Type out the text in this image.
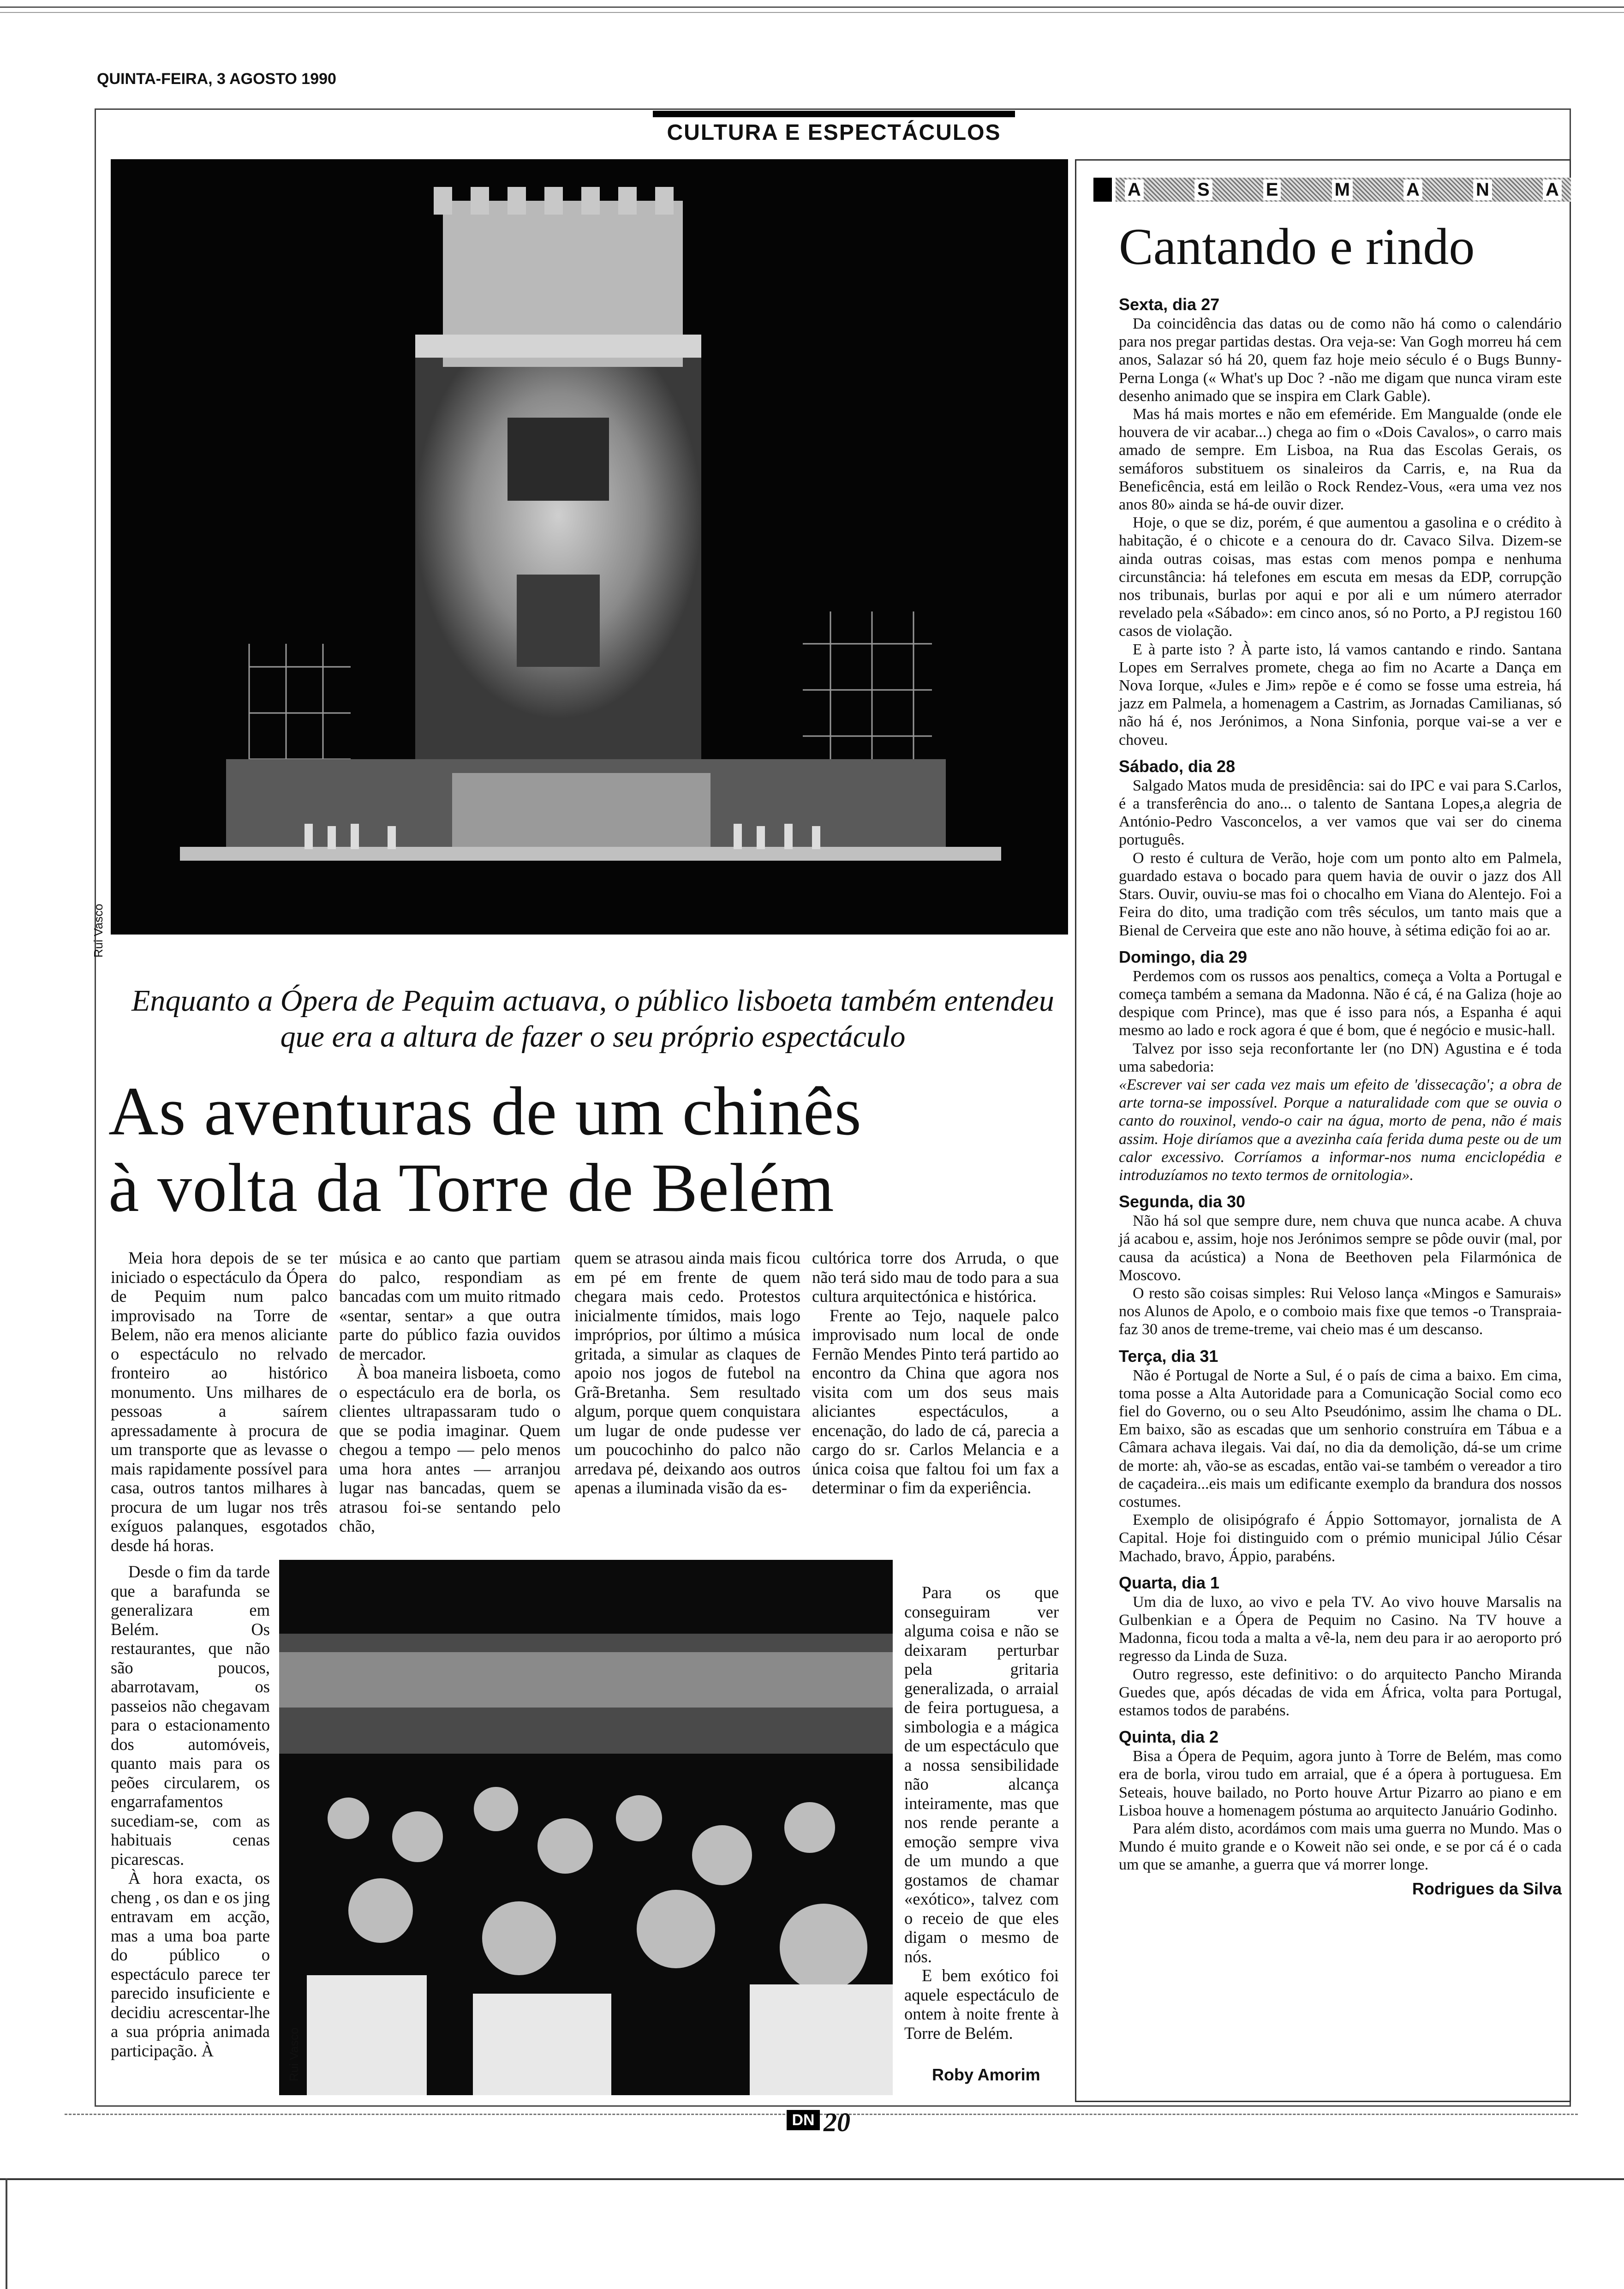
QUINTA-FEIRA, 3 AGOSTO 1990
CULTURA E ESPECTÁCULOS
Rui Vasco
Enquanto a Ópera de Pequim actuava, o público lisboeta também entendeu que era a altura de fazer o seu próprio espectáculo
As aventuras de um chinês
à volta da Torre de Belém

Meia hora depois de se ter iniciado o espectáculo da Ópera de Pequim num palco improvisado na Torre de Belem, não era menos aliciante o espectáculo no relvado fronteiro ao histórico monumento. Uns milhares de pessoas a saírem apressadamente à procura de um transporte que as levasse o mais rapidamente possível para casa, outros tantos milhares à procura de um lugar nos três exíguos palanques, esgotados desde há horas.

Desde o fim da tarde que a barafunda se generalizara em Belém. Os restaurantes, que não são poucos, abarrotavam, os passeios não chegavam para o estacionamento dos automóveis, quanto mais para os peões circularem, os engarrafamentos sucediam-se, com as habituais cenas picarescas.

À hora exacta, os cheng , os dan e os jing entravam em acção, mas a uma boa parte do público o espectáculo parece ter parecido insuficiente e decidiu acrescentar-lhe a sua própria animada participação. À

música e ao canto que partiam do palco, respondiam as bancadas com um muito ritmado «sentar, sentar» a que outra parte do público fazia ouvidos de mercador.

À boa maneira lisboeta, como o espectáculo era de borla, os clientes ultrapassaram tudo o que se podia imaginar. Quem chegou a tempo — pelo menos uma hora antes — arranjou lugar nas bancadas, quem se atrasou foi-se sentando pelo chão,

quem se atrasou ainda mais ficou em pé em frente de quem chegara mais cedo. Protestos inicialmente tímidos, mais logo impróprios, por último a música gritada, a simular as claques de apoio nos jogos de futebol na Grã-Bretanha. Sem resultado algum, porque quem conquistara um lugar de onde pudesse ver um poucochinho do palco não arredava pé, deixando aos outros apenas a iluminada visão da es-

cultórica torre dos Arruda, o que não terá sido mau de todo para a sua cultura arquitectónica e histórica.

Frente ao Tejo, naquele palco improvisado num local de onde Fernão Mendes Pinto terá partido ao encontro da China que agora nos visita com um dos seus mais aliciantes espectáculos, a encenação, do lado de cá, parecia a cargo do sr. Carlos Melancia e a única coisa que faltou foi um fax a determinar o fim da experiência.

Para os que conseguiram ver alguma coisa e não se deixaram perturbar pela gritaria generalizada, o arraial de feira portuguesa, a simbologia e a mágica de um espectáculo que a nossa sensibilidade não alcança inteiramente, mas que nos rende perante a emoção sempre viva de um mundo a que gostamos de chamar «exótico», talvez com o receio de que eles digam o mesmo de nós.

E bem exótico foi aquele espectáculo de ontem à noite frente à Torre de Belém.

Roby Amorim
Rui Vasco
A	S	E	M	A	N	A
Cantando e rindo
Sexta, dia 27

Da coincidência das datas ou de como não há como o calendário para nos pregar partidas destas. Ora veja-se: Van Gogh morreu há cem anos, Salazar só há 20, quem faz hoje meio século é o Bugs Bunny-Perna Longa (« What's up Doc ? -não me digam que nunca viram este desenho animado que se inspira em Clark Gable).

Mas há mais mortes e não em efeméride. Em Mangualde (onde ele houvera de vir acabar...) chega ao fim o «Dois Cavalos», o carro mais amado de sempre. Em Lisboa, na Rua das Escolas Gerais, os semáforos substituem os sinaleiros da Carris, e, na Rua da Beneficência, está em leilão o Rock Rendez-Vous, «era uma vez nos anos 80» ainda se há-de ouvir dizer.

Hoje, o que se diz, porém, é que aumentou a gasolina e o crédito à habitação, é o chicote e a cenoura do dr. Cavaco Silva. Dizem-se ainda outras coisas, mas estas com menos pompa e nenhuma circunstância: há telefones em escuta em mesas da EDP, corrupção nos tribunais, burlas por aqui e por ali e um número aterrador revelado pela «Sábado»: em cinco anos, só no Porto, a PJ registou 160 casos de violação.

E à parte isto ? À parte isto, lá vamos cantando e rindo. Santana Lopes em Serralves promete, chega ao fim no Acarte a Dança em Nova Iorque, «Jules e Jim» repõe e é como se fosse uma estreia, há jazz em Palmela, a homenagem a Castrim, as Jornadas Camilianas, só não há é, nos Jerónimos, a Nona Sinfonia, porque vai-se a ver e choveu.

Sábado, dia 28

Salgado Matos muda de presidência: sai do IPC e vai para S.Carlos, é a transferência do ano... o talento de Santana Lopes,a alegria de António-Pedro Vasconcelos, a ver vamos que vai ser do cinema português.

O resto é cultura de Verão, hoje com um ponto alto em Palmela, guardado estava o bocado para quem havia de ouvir o jazz dos All Stars. Ouvir, ouviu-se mas foi o chocalho em Viana do Alentejo. Foi a Feira do dito, uma tradição com três séculos, um tanto mais que a Bienal de Cerveira que este ano não houve, à sétima edição foi ao ar.

Domingo, dia 29

Perdemos com os russos aos penaltics, começa a Volta a Portugal e começa também a semana da Madonna. Não é cá, é na Galiza (hoje ao despique com Prince), mas que é isso para nós, a Espanha é aqui mesmo ao lado e rock agora é que é bom, que é negócio e music-hall.

Talvez por isso seja reconfortante ler (no DN) Agustina e é toda uma sabedoria:

«Escrever vai ser cada vez mais um efeito de 'dissecação'; a obra de arte torna-se impossível. Porque a naturalidade com que se ouvia o canto do rouxinol, vendo-o cair na água, morto de pena, não é mais assim. Hoje diríamos que a avezinha caía ferida duma peste ou de um calor excessivo. Corríamos a informar-nos numa enciclopédia e introduzíamos no texto termos de ornitologia».

Segunda, dia 30

Não há sol que sempre dure, nem chuva que nunca acabe. A chuva já acabou e, assim, hoje nos Jerónimos sempre se pôde ouvir (mal, por causa da acústica) a Nona de Beethoven pela Filarmónica de Moscovo.

O resto são coisas simples: Rui Veloso lança «Mingos e Samurais» nos Alunos de Apolo, e o comboio mais fixe que temos -o Transpraia- faz 30 anos de treme-treme, vai cheio mas é um descanso.

Terça, dia 31

Não é Portugal de Norte a Sul, é o país de cima a baixo. Em cima, toma posse a Alta Autoridade para a Comunicação Social como eco fiel do Governo, ou o seu Alto Pseudónimo, assim lhe chama o DL. Em baixo, são as escadas que um senhorio construíra em Tábua e a Câmara achava ilegais. Vai daí, no dia da demolição, dá-se um crime de morte: ah, vão-se as escadas, então vai-se também o vereador a tiro de caçadeira...eis mais um edificante exemplo da brandura dos nossos costumes.

Exemplo de olisipógrafo é Áppio Sottomayor, jornalista de A Capital. Hoje foi distinguido com o prémio municipal Júlio César Machado, bravo, Áppio, parabéns.

Quarta, dia 1

Um dia de luxo, ao vivo e pela TV. Ao vivo houve Marsalis na Gulbenkian e a Ópera de Pequim no Casino. Na TV houve a Madonna, ficou toda a malta a vê-la, nem deu para ir ao aeroporto pró regresso da Linda de Suza.

Outro regresso, este definitivo: o do arquitecto Pancho Miranda Guedes que, após décadas de vida em África, volta para Portugal, estamos todos de parabéns.

Quinta, dia 2

Bisa a Ópera de Pequim, agora junto à Torre de Belém, mas como era de borla, virou tudo em arraial, que é a ópera à portuguesa. Em Seteais, houve bailado, no Porto houve Artur Pizarro ao piano e em Lisboa houve a homenagem póstuma ao arquitecto Januário Godinho.

Para além disto, acordámos com mais uma guerra no Mundo. Mas o Mundo é muito grande e o Koweit não sei onde, e se por cá é o cada um que se amanhe, a guerra que vá morrer longe.

Rodrigues da Silva
DN 20
